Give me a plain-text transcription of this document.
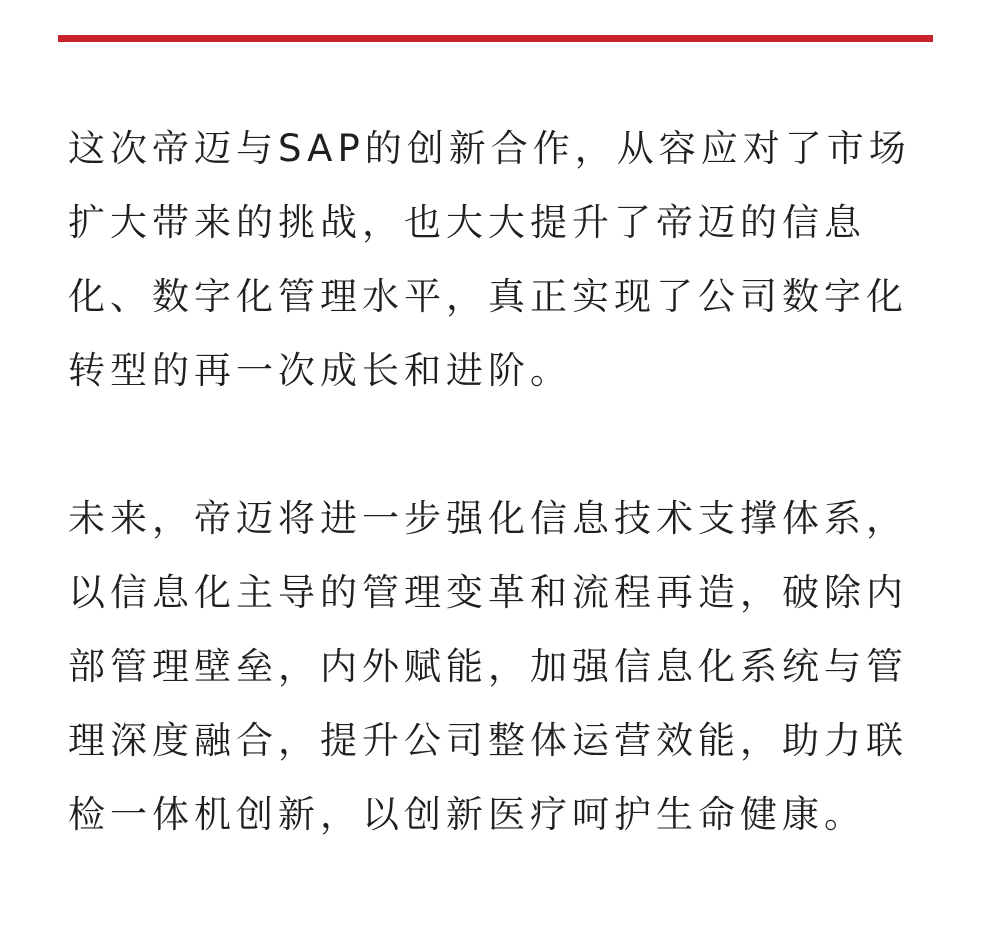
这次帝迈与SAP的创新合作，从容应对了市场
扩大带来的挑战，也大大提升了帝迈的信息
化、数字化管理水平，真正实现了公司数字化
转型的再一次成长和进阶。

未来，帝迈将进一步强化信息技术支撑体系，
以信息化主导的管理变革和流程再造，破除内
部管理壁垒，内外赋能，加强信息化系统与管
理深度融合，提升公司整体运营效能，助力联
检一体机创新，以创新医疗呵护生命健康。
